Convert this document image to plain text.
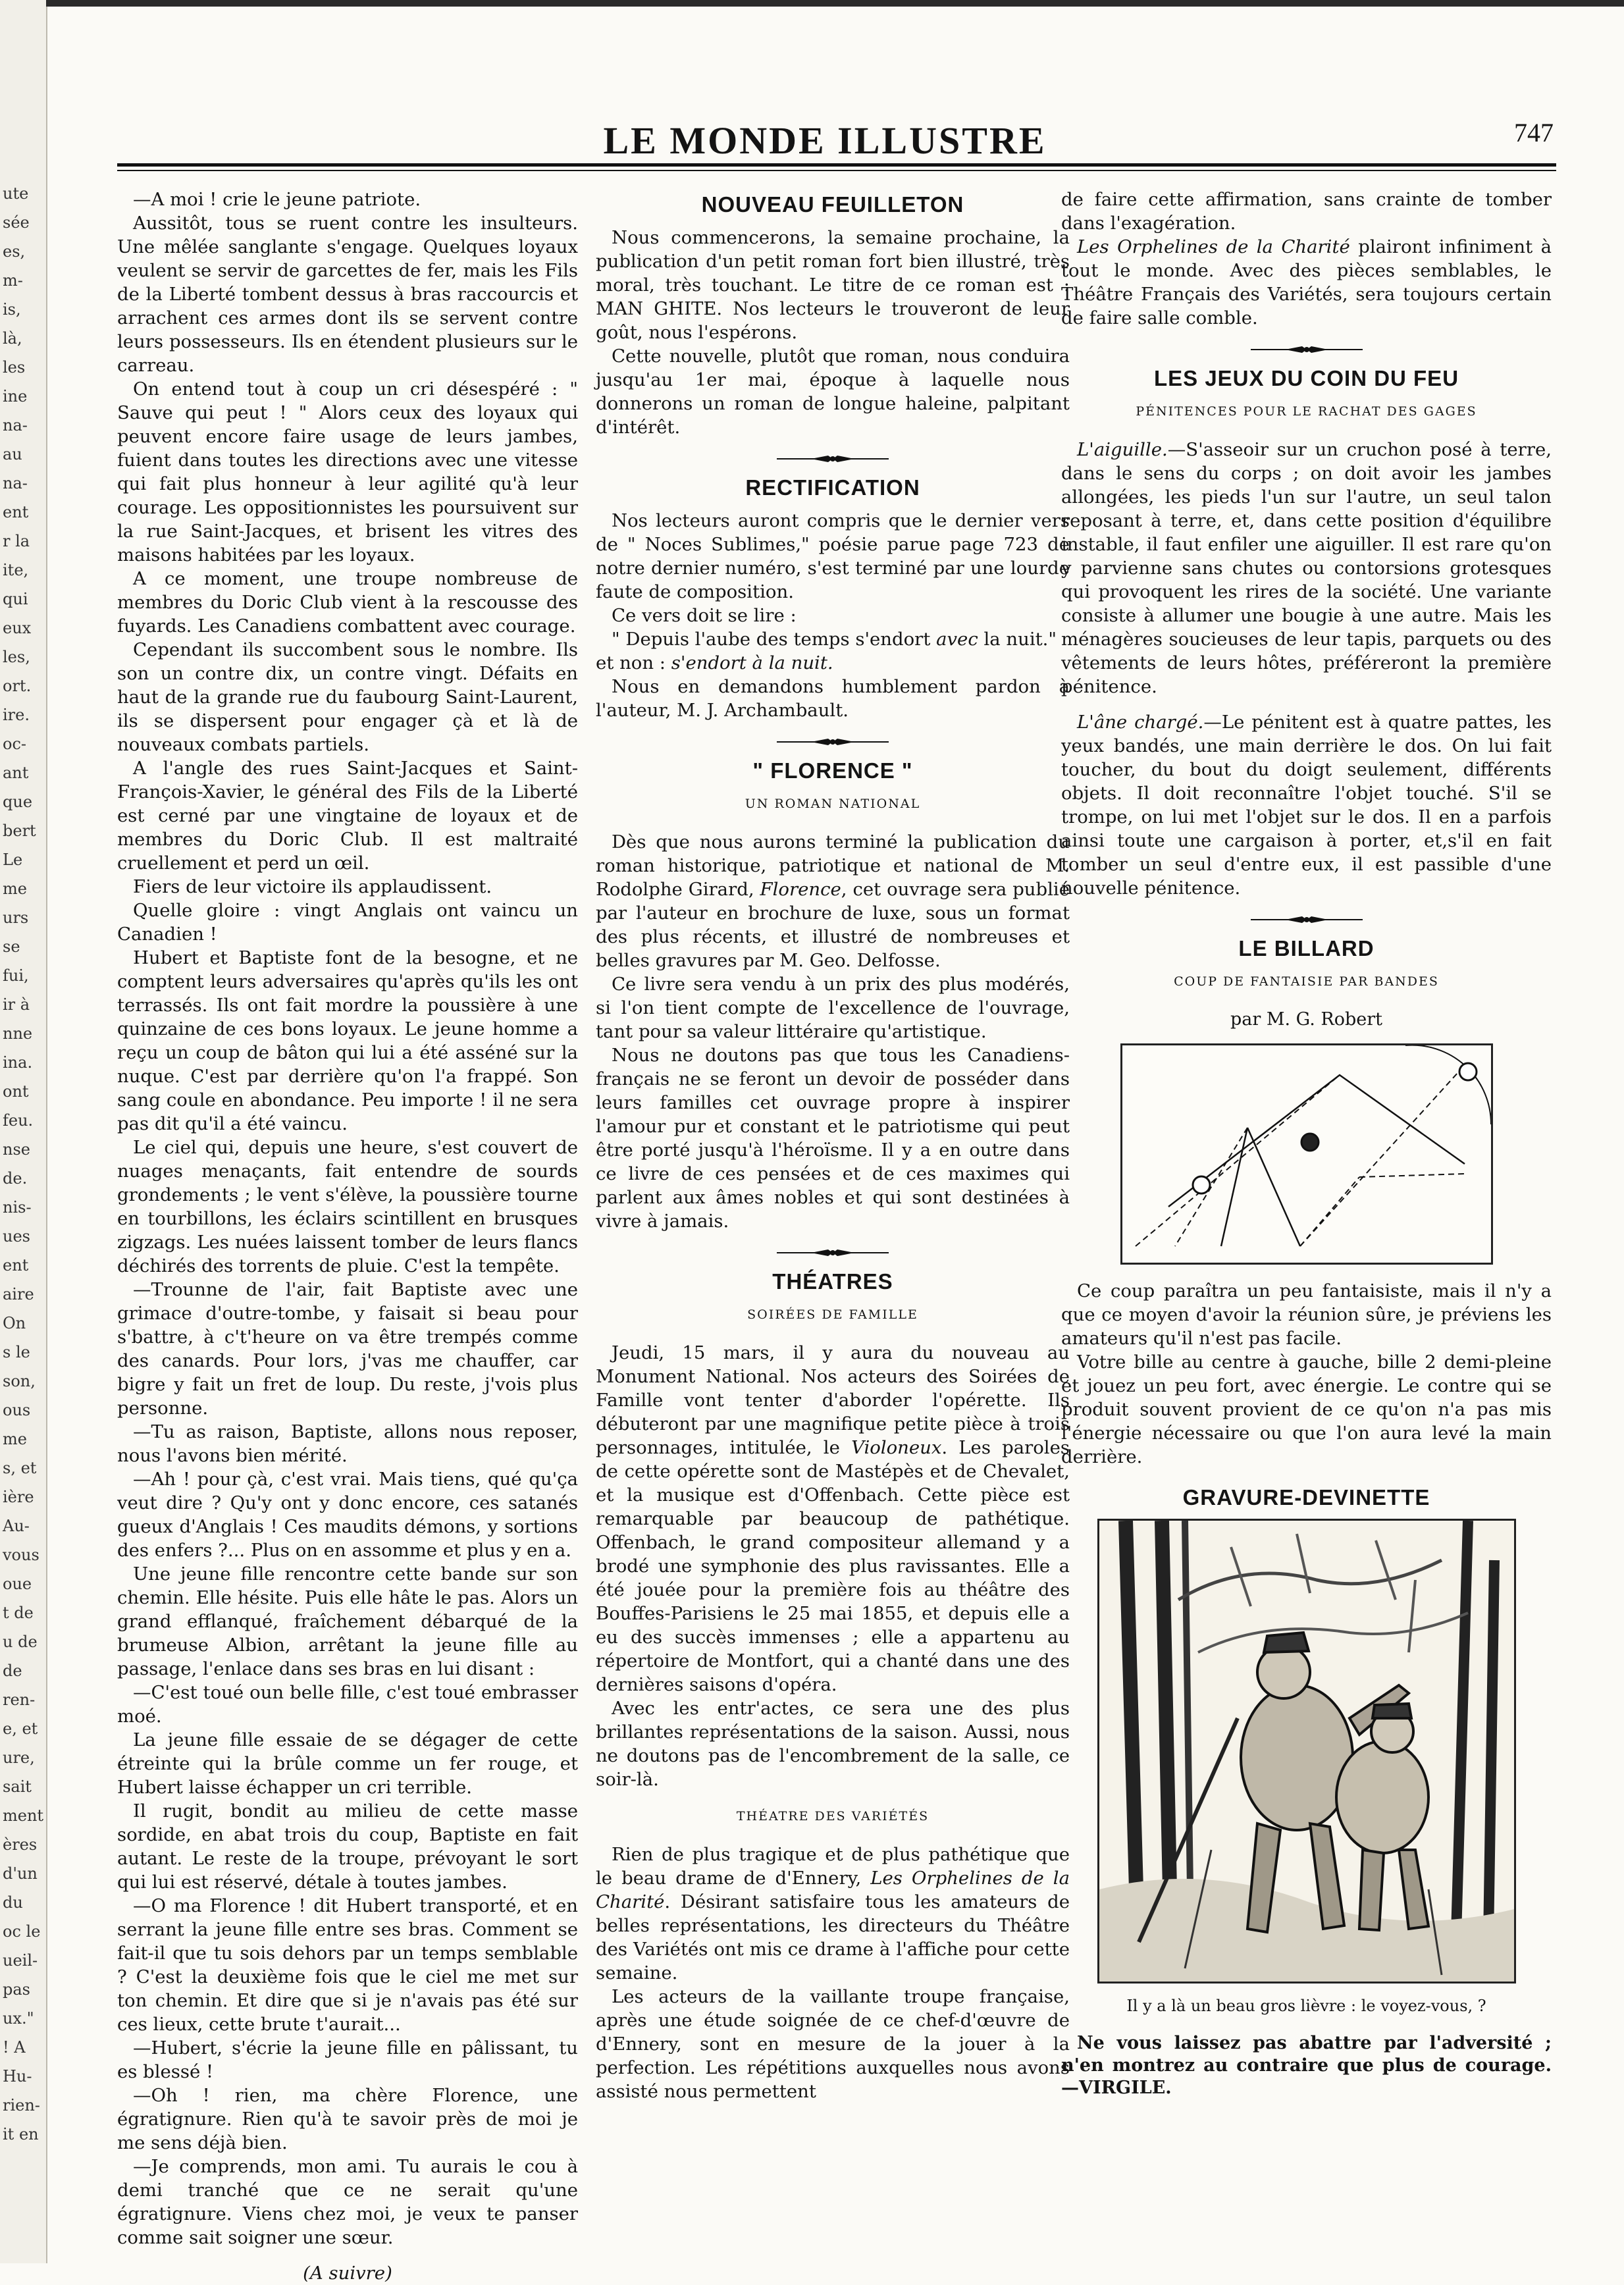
ute
sée
es,
m-
is,
là,
les
ine
na-
au
na-
ent
r la
ite,
qui
eux
les,
ort.
ire.
oc-
ant
que
bert
Le
me
urs
se
fui,
ir à
nne
ina.
ont
feu.
nse
de.
nis-
ues
ent
aire
On
s le
son,
ous
me
s, et
ière
Au-
vous
oue
t de
u de
de
ren-
e, et
ure,
sait
ment
ères
d'un
du
oc le
ueil-
pas
ux."
! A
Hu-
rien-
it en
LE MONDE ILLUSTRE	747

—A moi ! crie le jeune patriote.

Aussitôt, tous se ruent contre les insulteurs. Une mêlée sanglante s'engage. Quelques loyaux veulent se servir de garcettes de fer, mais les Fils de la Liberté tombent dessus à bras raccourcis et arrachent ces armes dont ils se servent contre leurs possesseurs. Ils en étendent plusieurs sur le carreau.

On entend tout à coup un cri désespéré : " Sauve qui peut ! " Alors ceux des loyaux qui peuvent encore faire usage de leurs jambes, fuient dans toutes les directions avec une vitesse qui fait plus honneur à leur agilité qu'à leur courage. Les oppositionnistes les poursuivent sur la rue Saint-Jacques, et brisent les vitres des maisons habitées par les loyaux.

A ce moment, une troupe nombreuse de membres du Doric Club vient à la rescousse des fuyards. Les Canadiens combattent avec courage.

Cependant ils succombent sous le nombre. Ils son un contre dix, un contre vingt. Défaits en haut de la grande rue du faubourg Saint-Laurent, ils se dispersent pour engager çà et là de nouveaux combats partiels.

A l'angle des rues Saint-Jacques et Saint-François-Xavier, le général des Fils de la Liberté est cerné par une vingtaine de loyaux et de membres du Doric Club. Il est maltraité cruellement et perd un œil.

Fiers de leur victoire ils applaudissent.

Quelle gloire : vingt Anglais ont vaincu un Canadien !

Hubert et Baptiste font de la besogne, et ne comptent leurs adversaires qu'après qu'ils les ont terrassés. Ils ont fait mordre la poussière à une quinzaine de ces bons loyaux. Le jeune homme a reçu un coup de bâton qui lui a été asséné sur la nuque. C'est par derrière qu'on l'a frappé. Son sang coule en abondance. Peu importe ! il ne sera pas dit qu'il a été vaincu.

Le ciel qui, depuis une heure, s'est couvert de nuages menaçants, fait entendre de sourds grondements ; le vent s'élève, la poussière tourne en tourbillons, les éclairs scintillent en brusques zigzags. Les nuées laissent tomber de leurs flancs déchirés des torrents de pluie. C'est la tempête.

—Trounne de l'air, fait Baptiste avec une grimace d'outre-tombe, y faisait si beau pour s'battre, à c't'heure on va être trempés comme des canards. Pour lors, j'vas me chauffer, car bigre y fait un fret de loup. Du reste, j'vois plus personne.

—Tu as raison, Baptiste, allons nous reposer, nous l'avons bien mérité.

—Ah ! pour çà, c'est vrai. Mais tiens, qué qu'ça veut dire ? Qu'y ont y donc encore, ces satanés gueux d'Anglais ! Ces maudits démons, y sortions des enfers ?... Plus on en assomme et plus y en a.

Une jeune fille rencontre cette bande sur son chemin. Elle hésite. Puis elle hâte le pas. Alors un grand efflanqué, fraîchement débarqué de la brumeuse Albion, arrêtant la jeune fille au passage, l'enlace dans ses bras en lui disant :

—C'est toué oun belle fille, c'est toué embrasser moé.

La jeune fille essaie de se dégager de cette étreinte qui la brûle comme un fer rouge, et Hubert laisse échapper un cri terrible.

Il rugit, bondit au milieu de cette masse sordide, en abat trois du coup, Baptiste en fait autant. Le reste de la troupe, prévoyant le sort qui lui est réservé, détale à toutes jambes.

—O ma Florence ! dit Hubert transporté, et en serrant la jeune fille entre ses bras. Comment se fait-il que tu sois dehors par un temps semblable ? C'est la deuxième fois que le ciel me met sur ton chemin. Et dire que si je n'avais pas été sur ces lieux, cette brute t'aurait...

—Hubert, s'écrie la jeune fille en pâlissant, tu es blessé !

—Oh ! rien, ma chère Florence, une égratignure. Rien qu'à te savoir près de moi je me sens déjà bien.

—Je comprends, mon ami. Tu aurais le cou à demi tranché que ce ne serait qu'une égratignure. Viens chez moi, je veux te panser comme sait soigner une sœur.

(A suivre)
NOUVEAU FEUILLETON

Nous commencerons, la semaine prochaine, la publication d'un petit roman fort bien illustré, très moral, très touchant. Le titre de ce roman est : MAN GHITE. Nos lecteurs le trouveront de leur goût, nous l'espérons.

Cette nouvelle, plutôt que roman, nous conduira jusqu'au 1er mai, époque à laquelle nous donnerons un roman de longue haleine, palpitant d'intérêt.

RECTIFICATION

Nos lecteurs auront compris que le dernier vers de " Noces Sublimes," poésie parue page 723 de notre dernier numéro, s'est terminé par une lourde faute de composition.

Ce vers doit se lire :

" Depuis l'aube des temps s'endort avec la nuit."

et non : s'endort à la nuit.

Nous en demandons humblement pardon à l'auteur, M. J. Archambault.

" FLORENCE "
UN ROMAN NATIONAL

Dès que nous aurons terminé la publication du roman historique, patriotique et national de M. Rodolphe Girard, Florence, cet ouvrage sera publié par l'auteur en brochure de luxe, sous un format des plus récents, et illustré de nombreuses et belles gravures par M. Geo. Delfosse.

Ce livre sera vendu à un prix des plus modérés, si l'on tient compte de l'excellence de l'ouvrage, tant pour sa valeur littéraire qu'artistique.

Nous ne doutons pas que tous les Canadiens-français ne se feront un devoir de posséder dans leurs familles cet ouvrage propre à inspirer l'amour pur et constant et le patriotisme qui peut être porté jusqu'à l'héroïsme. Il y a en outre dans ce livre de ces pensées et de ces maximes qui parlent aux âmes nobles et qui sont destinées à vivre à jamais.

THÉATRES
SOIRÉES DE FAMILLE

Jeudi, 15 mars, il y aura du nouveau au Monument National. Nos acteurs des Soirées de Famille vont tenter d'aborder l'opérette. Ils débuteront par une magnifique petite pièce à trois personnages, intitulée, le Violoneux. Les paroles de cette opérette sont de Mastépès et de Chevalet, et la musique est d'Offenbach. Cette pièce est remarquable par beaucoup de pathétique. Offenbach, le grand compositeur allemand y a brodé une symphonie des plus ravissantes. Elle a été jouée pour la première fois au théâtre des Bouffes-Parisiens le 25 mai 1855, et depuis elle a eu des succès immenses ; elle a appartenu au répertoire de Montfort, qui a chanté dans une des dernières saisons d'opéra.

Avec les entr'actes, ce sera une des plus brillantes représentations de la saison. Aussi, nous ne doutons pas de l'encombrement de la salle, ce soir-là.

THÉATRE DES VARIÉTÉS

Rien de plus tragique et de plus pathétique que le beau drame de d'Ennery, Les Orphelines de la Charité. Désirant satisfaire tous les amateurs de belles représentations, les directeurs du Théâtre des Variétés ont mis ce drame à l'affiche pour cette semaine.

Les acteurs de la vaillante troupe française, après une étude soignée de ce chef-d'œuvre de d'Ennery, sont en mesure de la jouer à la perfection. Les répétitions auxquelles nous avons assisté nous permettent

de faire cette affirmation, sans crainte de tomber dans l'exagération.

Les Orphelines de la Charité plairont infiniment à tout le monde. Avec des pièces semblables, le Théâtre Français des Variétés, sera toujours certain de faire salle comble.

LES JEUX DU COIN DU FEU
PÉNITENCES POUR LE RACHAT DES GAGES

L'aiguille.—S'asseoir sur un cruchon posé à terre, dans le sens du corps ; on doit avoir les jambes allongées, les pieds l'un sur l'autre, un seul talon reposant à terre, et, dans cette position d'équilibre instable, il faut enfiler une aiguiller. Il est rare qu'on y parvienne sans chutes ou contorsions grotesques qui provoquent les rires de la société. Une variante consiste à allumer une bougie à une autre. Mais les ménagères soucieuses de leur tapis, parquets ou des vêtements de leurs hôtes, préféreront la première pénitence.

L'âne chargé.—Le pénitent est à quatre pattes, les yeux bandés, une main derrière le dos. On lui fait toucher, du bout du doigt seulement, différents objets. Il doit reconnaître l'objet touché. S'il se trompe, on lui met l'objet sur le dos. Il en a parfois ainsi toute une cargaison à porter, et,s'il en fait tomber un seul d'entre eux, il est passible d'une nouvelle pénitence.

LE BILLARD
COUP DE FANTAISIE PAR BANDES
par M. G. Robert

Ce coup paraîtra un peu fantaisiste, mais il n'y a que ce moyen d'avoir la réunion sûre, je préviens les amateurs qu'il n'est pas facile.

Votre bille au centre à gauche, bille 2 demi-pleine et jouez un peu fort, avec énergie. Le contre qui se produit souvent provient de ce qu'on n'a pas mis l'énergie nécessaire ou que l'on aura levé la main derrière.

GRAVURE-DEVINETTE
Il y a là un beau gros lièvre : le voyez-vous, ?

Ne vous laissez pas abattre par l'adversité ; n'en montrez au contraire que plus de courage.—VIRGILE.
